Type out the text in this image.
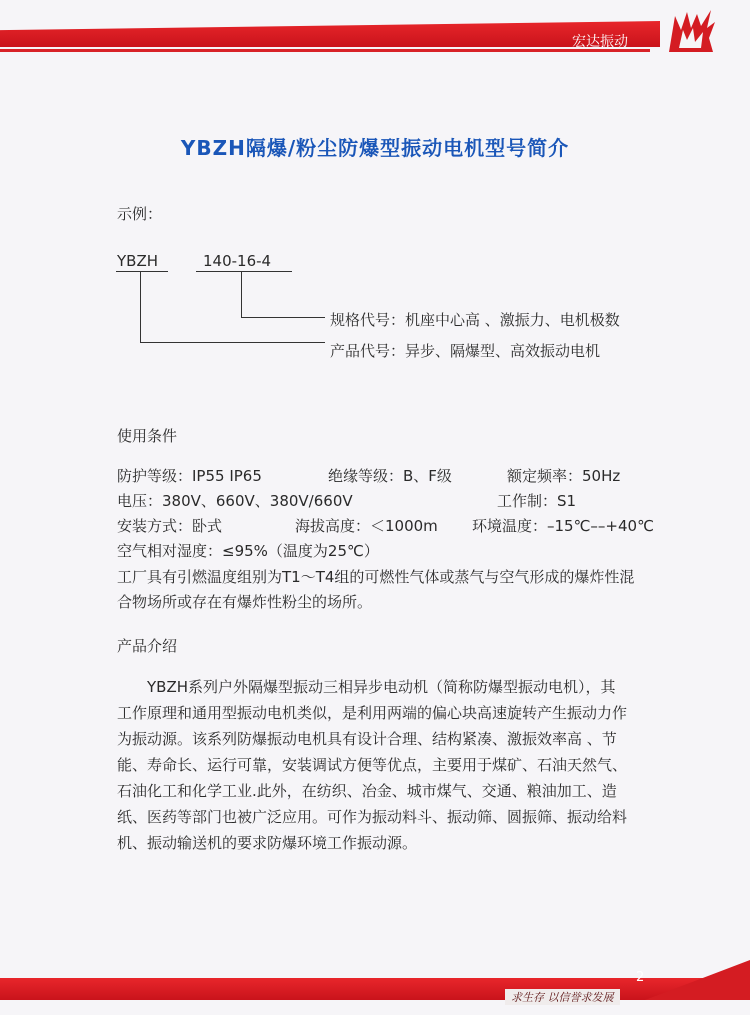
宏达振动
YBZH隔爆/粉尘防爆型振动电机型号简介
示例：
YBZH	140-16-4
规格代号：机座中心高 、激振力、电机极数
产品代号：异步、隔爆型、高效振动电机
使用条件
防护等级：IP55 IP65	绝缘等级：B、F级	额定频率：50Hz
电压：380V、660V、380V/660V	工作制：S1
安装方式：卧式	海拔高度：＜1000m 环境温度：–15℃––+40℃
空气相对湿度：≤95%（温度为25℃）
工厂具有引燃温度组别为T1～T4组的可燃性气体或蒸气与空气形成的爆炸性混
合物场所或存在有爆炸性粉尘的场所。
产品介绍
YBZH系列户外隔爆型振动三相异步电动机（简称防爆型振动电机），其
工作原理和通用型振动电机类似，是利用两端的偏心块高速旋转产生振动力作
为振动源。该系列防爆振动电机具有设计合理、结构紧凑、激振效率高 、节
能、寿命长、运行可靠，安装调试方便等优点，主要用于煤矿、石油天然气、
石油化工和化学工业.此外，在纺织、冶金、城市煤气、交通、粮油加工、造
纸、医药等部门也被广泛应用。可作为振动料斗、振动筛、圆振筛、振动给料
机、振动输送机的要求防爆环境工作振动源。
2
求生存 以信誉求发展
